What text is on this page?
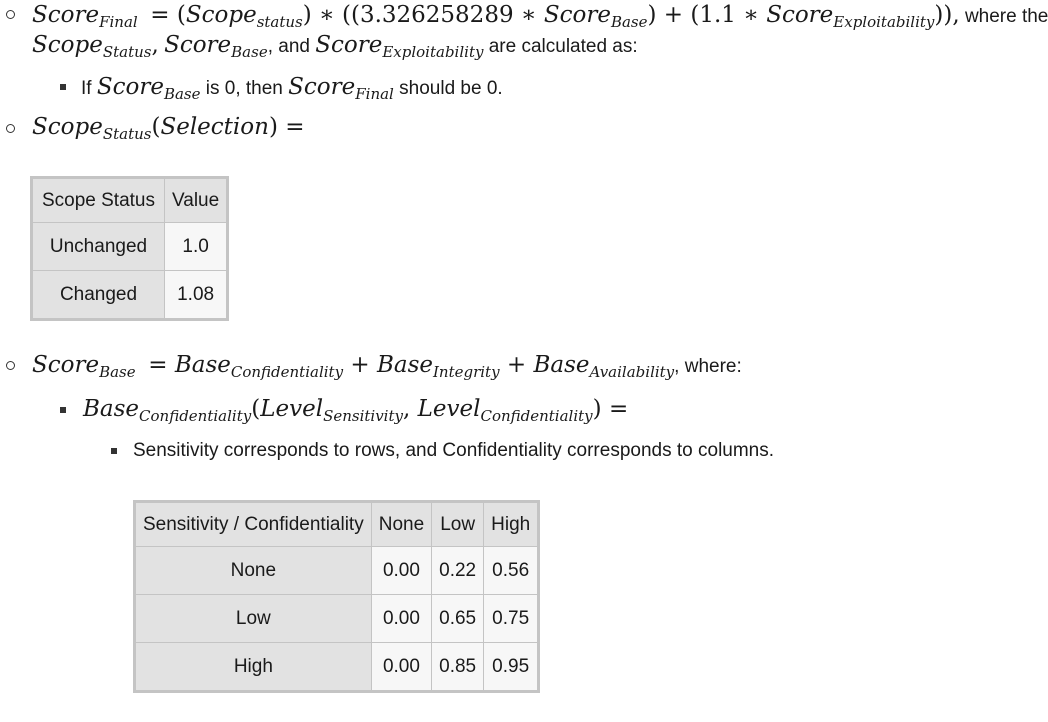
Score$_{Final}$  = (Scope$_{status}$) ∗ ((3.326258289 ∗ Score$_{Base}$) + (1.1 ∗ Score$_{Exploitability}$)), where the
Scope$_{Status}$, Score$_{Base}$, and Score$_{Exploitability}$ are calculated as:
If Score$_{Base}$ is 0, then Score$_{Final}$ should be 0.
Scope$_{Status}$(Selection) =
Scope Status	Value
Unchanged	1.0
Changed	1.08
Score$_{Base}$  = Base$_{Confidentiality}$ + Base$_{Integrity}$ + Base$_{Availability}$, where:
Base$_{Confidentiality}$(Level$_{Sensitivity}$, Level$_{Confidentiality}$) =
Sensitivity corresponds to rows, and Confidentiality corresponds to columns.
Sensitivity / Confidentiality	None	Low	High
None	0.00	0.22	0.56
Low	0.00	0.65	0.75
High	0.00	0.85	0.95
